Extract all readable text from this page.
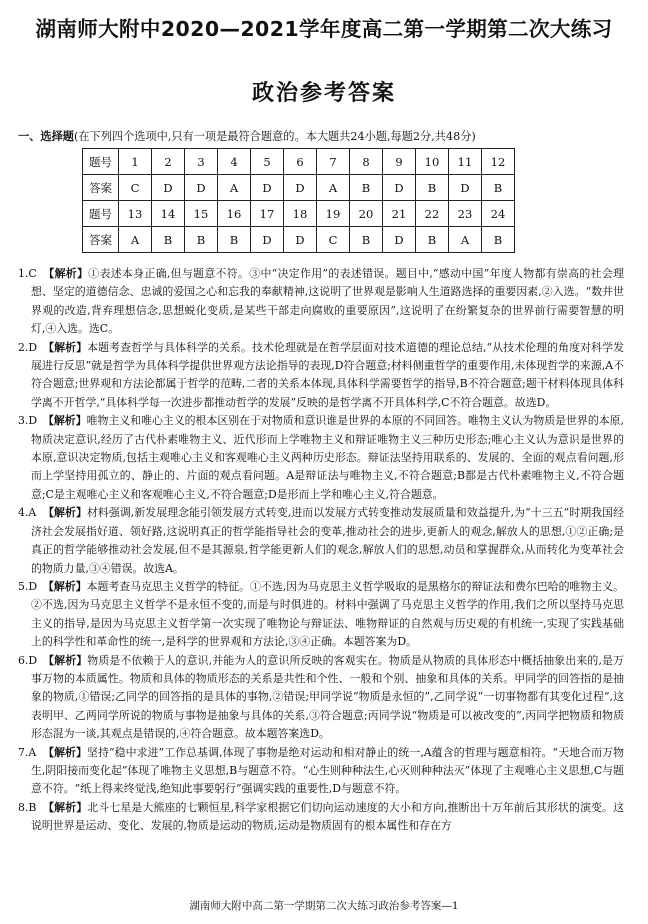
湖南师大附中2020—2021学年度高二第一学期第二次大练习
政治参考答案
一、选择题(在下列四个选项中,只有一项是最符合题意的。本大题共24小题,每题2分,共48分)
题号	1	2	3	4	5	6	7	8	9	10	11	12
答案	C	D	D	A	D	D	A	B	D	B	D	B
题号	13	14	15	16	17	18	19	20	21	22	23	24
答案	A	B	B	B	D	D	C	B	D	B	A	B

1.C 【解析】①表述本身正确,但与题意不符。③中“决定作用”的表述错误。题目中,“感动中国”年度人物都有崇高的社会理想、坚定的道德信念、忠诚的爱国之心和忘我的奉献精神,这说明了世界观是影响人生道路选择的重要因素,②入选。“数并世界观的改造,背弃理想信念,思想蜕化变质,是某些干部走向腐败的重要原因”,这说明了在纷繁复杂的世界前行需要智慧的明灯,④入选。选C。

2.D 【解析】本题考查哲学与具体科学的关系。技术伦理就是在哲学层面对技术道德的理论总结,“从技术伦理的角度对科学发展进行反思”就是哲学为具体科学提供世界观方法论指导的表现,D符合题意;材料侧重哲学的重要作用,未体现哲学的来源,A不符合题意;世界观和方法论都属于哲学的范畴,二者的关系本体现,具体科学需要哲学的指导,B不符合题意;题干材料体现具体科学离不开哲学,“具体科学每一次进步都推动哲学的发展”反映的是哲学离不开具体科学,C不符合题意。故选D。

3.D 【解析】唯物主义和唯心主义的根本区别在于对物质和意识谁是世界的本原的不同回答。唯物主义认为物质是世界的本原,物质决定意识,经历了古代朴素唯物主义、近代形而上学唯物主义和辩证唯物主义三种历史形态;唯心主义认为意识是世界的本原,意识决定物质,包括主观唯心主义和客观唯心主义两种历史形态。辩证法坚持用联系的、发展的、全面的观点看问题,形而上学坚持用孤立的、静止的、片面的观点看问题。A是辩证法与唯物主义,不符合题意;B都是古代朴素唯物主义,不符合题意;C是主观唯心主义和客观唯心主义,不符合题意;D是形而上学和唯心主义,符合题意。

4.A 【解析】材料强调,新发展理念能引领发展方式转变,进而以发展方式转变推动发展质量和效益提升,为“十三五”时期我国经济社会发展指好道、领好路,这说明真正的哲学能指导社会的变革,推动社会的进步,更新人的观念,解放人的思想,①②正确;是真正的哲学能够推动社会发展,但不是其源泉,哲学能更新人们的观念,解放人们的思想,动员和掌握群众,从而转化为变革社会的物质力量,③④错误。故选A。

5.D 【解析】本题考查马克思主义哲学的特征。①不选,因为马克思主义哲学吸取的是黑格尔的辩证法和费尔巴哈的唯物主义。②不选,因为马克思主义哲学不是永恒不变的,而是与时俱进的。材料中强调了马克思主义哲学的作用,我们之所以坚持马克思主义的指导,是因为马克思主义哲学第一次实现了唯物论与辩证法、唯物辩证的自然观与历史观的有机统一,实现了实践基础上的科学性和革命性的统一,是科学的世界观和方法论,③④正确。本题答案为D。

6.D 【解析】物质是不依赖于人的意识,并能为人的意识所反映的客观实在。物质是从物质的具体形态中概括抽象出来的,是万事万物的本质属性。物质和具体的物质形态的关系是共性和个性、一般和个别、抽象和具体的关系。甲同学的回答指的是抽象的物质,①错误;乙同学的回答指的是具体的事物,②错误;甲同学说“物质是永恒的”,乙同学说“一切事物都有其变化过程”,这表明甲、乙两同学所说的物质与事物是抽象与具体的关系,③符合题意;丙同学说“物质是可以被改变的”,丙同学把物质和物质形态混为一谈,其观点是错误的,④符合题意。故本题答案选D。

7.A 【解析】坚持“稳中求进”工作总基调,体现了事物是绝对运动和相对静止的统一,A蕴含的哲理与题意相符。“天地合而万物生,阴阳接而变化起”体现了唯物主义思想,B与题意不符。“心生则种种法生,心灭则种种法灭”体现了主观唯心主义思想,C与题意不符。“纸上得来终觉浅,绝知此事要躬行”强调实践的重要性,D与题意不符。

8.B 【解析】北斗七星是大熊座的七颗恒星,科学家根据它们切向运动速度的大小和方向,推断出十万年前后其形状的演变。这说明世界是运动、变化、发展的,物质是运动的物质,运动是物质固有的根本属性和存在方

湖南师大附中高二第一学期第二次大练习政治参考答案—1
